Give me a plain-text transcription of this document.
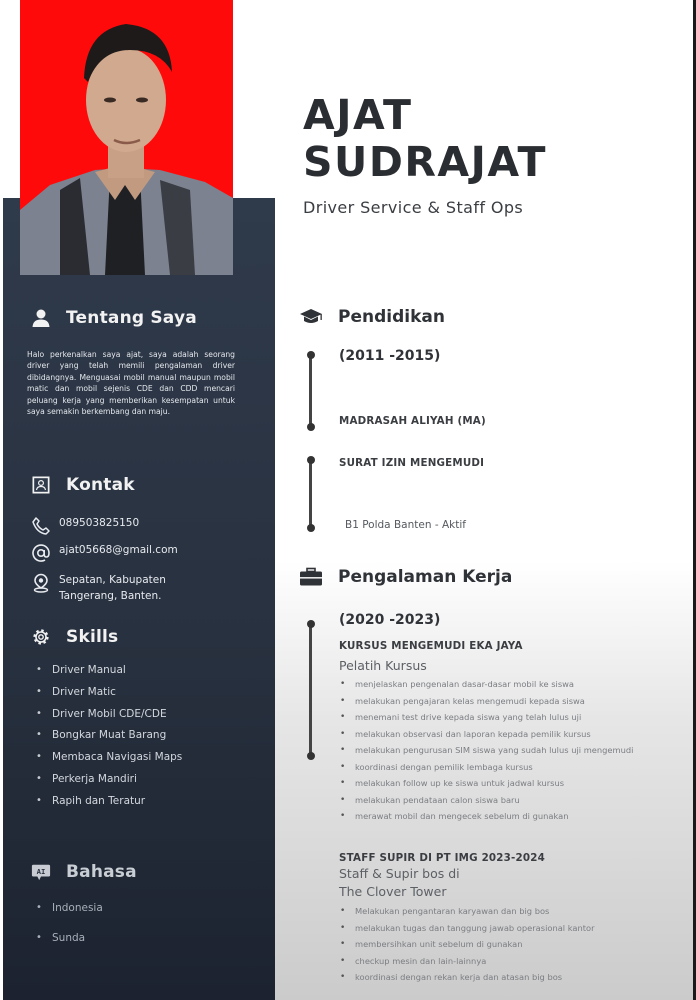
Tentang Saya

Halo perkenalkan saya ajat, saya adalah seorang driver yang telah memili pengalaman driver dibidangnya. Menguasai mobil manual maupun mobil matic dan mobil sejenis CDE dan CDD mencari peluang kerja yang memberikan kesempatan untuk saya semakin berkembang dan maju.

Kontak
089503825150
ajat05668@gmail.com
Sepatan, Kabupaten
Tangerang, Banten.
Skills
• Driver Manual
• Driver Matic
• Driver Mobil CDE/CDE
• Bongkar Muat Barang
• Membaca Navigasi Maps
• Perkerja Mandiri
• Rapih dan Teratur
AI Bahasa
• Indonesia
• Sunda
AJAT
SUDRAJAT
Driver Service & Staff Ops
Pendidikan
(2011 -2015)
MADRASAH ALIYAH (MA)
SURAT IZIN MENGEMUDI
B1 Polda Banten - Aktif
Pengalaman Kerja
(2020 -2023)
KURSUS MENGEMUDI EKA JAYA
Pelatih Kursus
• menjelaskan pengenalan dasar-dasar mobil ke siswa
• melakukan pengajaran kelas mengemudi kepada siswa
• menemani test drive kepada siswa yang telah lulus uji
• melakukan observasi dan laporan kepada pemilik kursus
• melakukan pengurusan SIM siswa yang sudah lulus uji mengemudi
• koordinasi dengan pemilik lembaga kursus
• melakukan follow up ke siswa untuk jadwal kursus
• melakukan pendataan calon siswa baru
• merawat mobil dan mengecek sebelum di gunakan
STAFF SUPIR DI PT IMG 2023-2024
Staff & Supir bos di
The Clover Tower
• Melakukan pengantaran karyawan dan big bos
• melakukan tugas dan tanggung jawab operasional kantor
• membersihkan unit sebelum di gunakan
• checkup mesin dan lain-lainnya
• koordinasi dengan rekan kerja dan atasan big bos
